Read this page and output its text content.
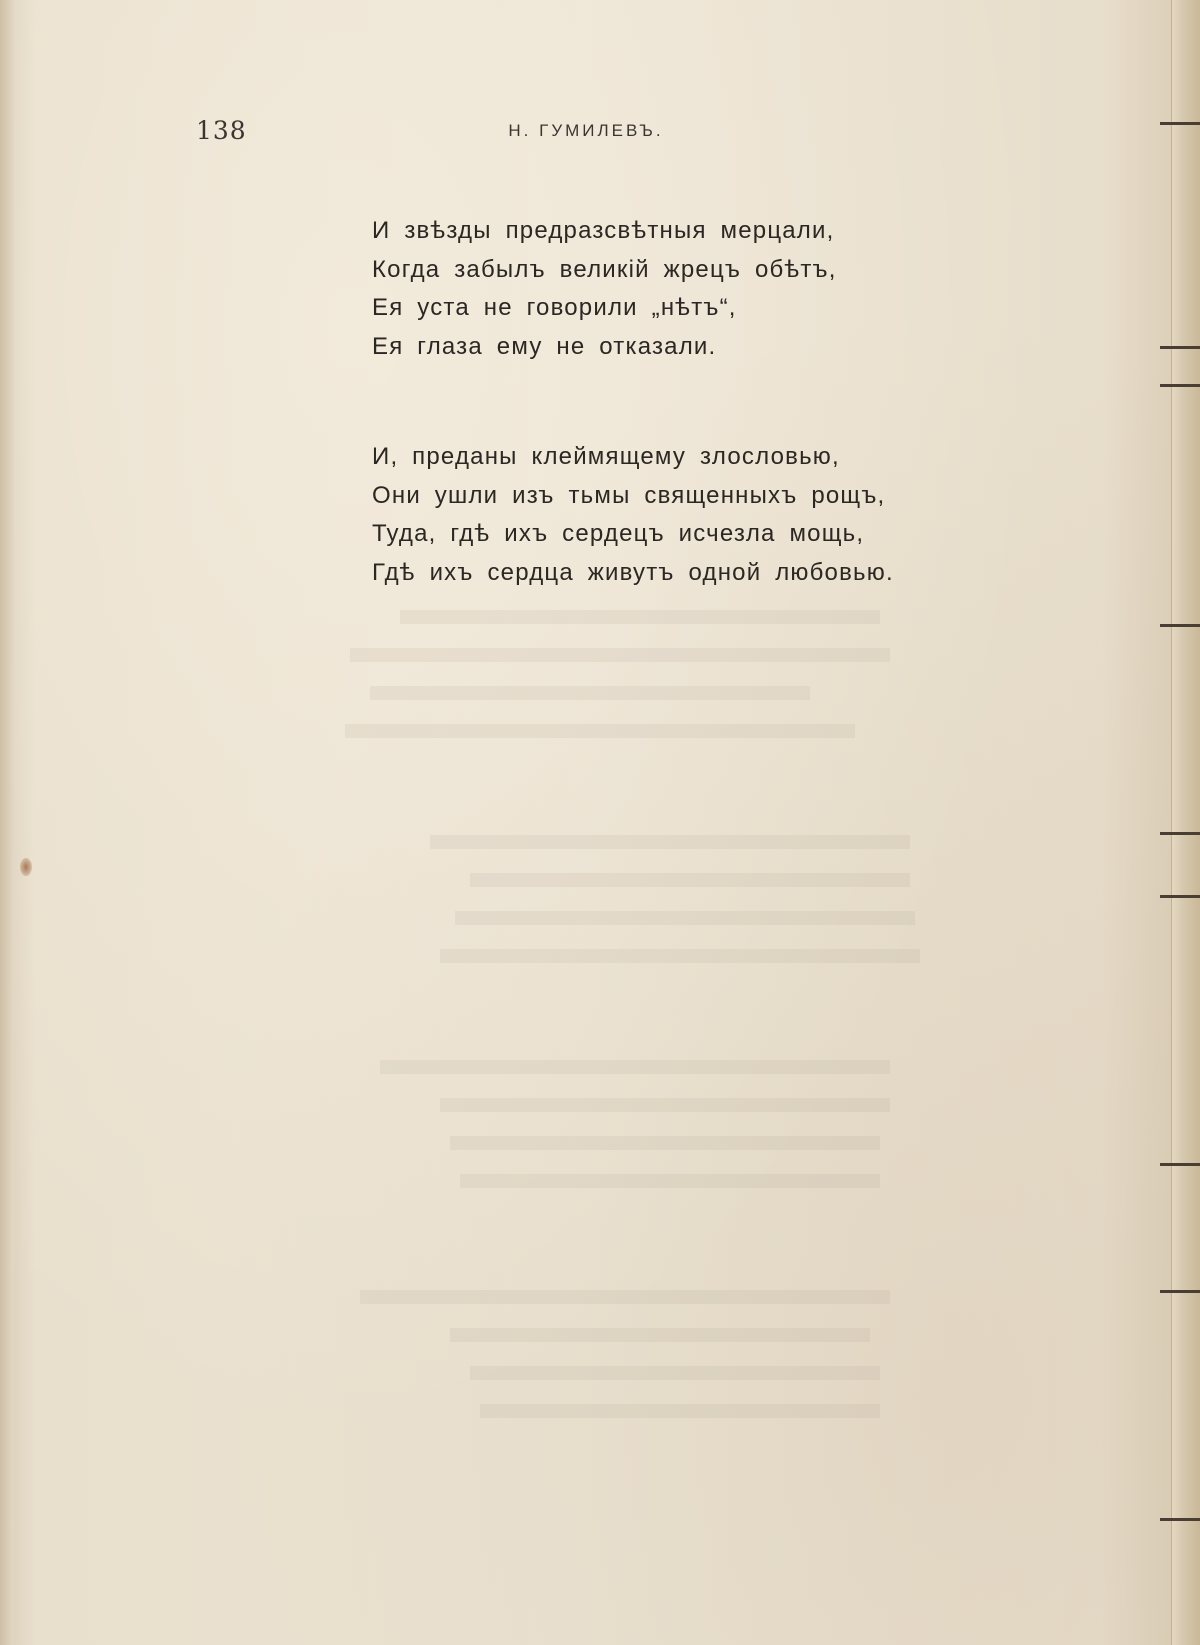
138	Н. ГУМИЛЕВЪ.
И звѣзды предразсвѣтныя мерцали,
Когда забылъ великій жрецъ обѣтъ,
Ея уста не говорили „нѣтъ“,
Ея глаза ему не отказали.
И, преданы клеймящему злословью,
Они ушли изъ тьмы священныхъ рощъ,
Туда, гдѣ ихъ сердецъ исчезла мощь,
Гдѣ ихъ сердца живутъ одной любовью.
